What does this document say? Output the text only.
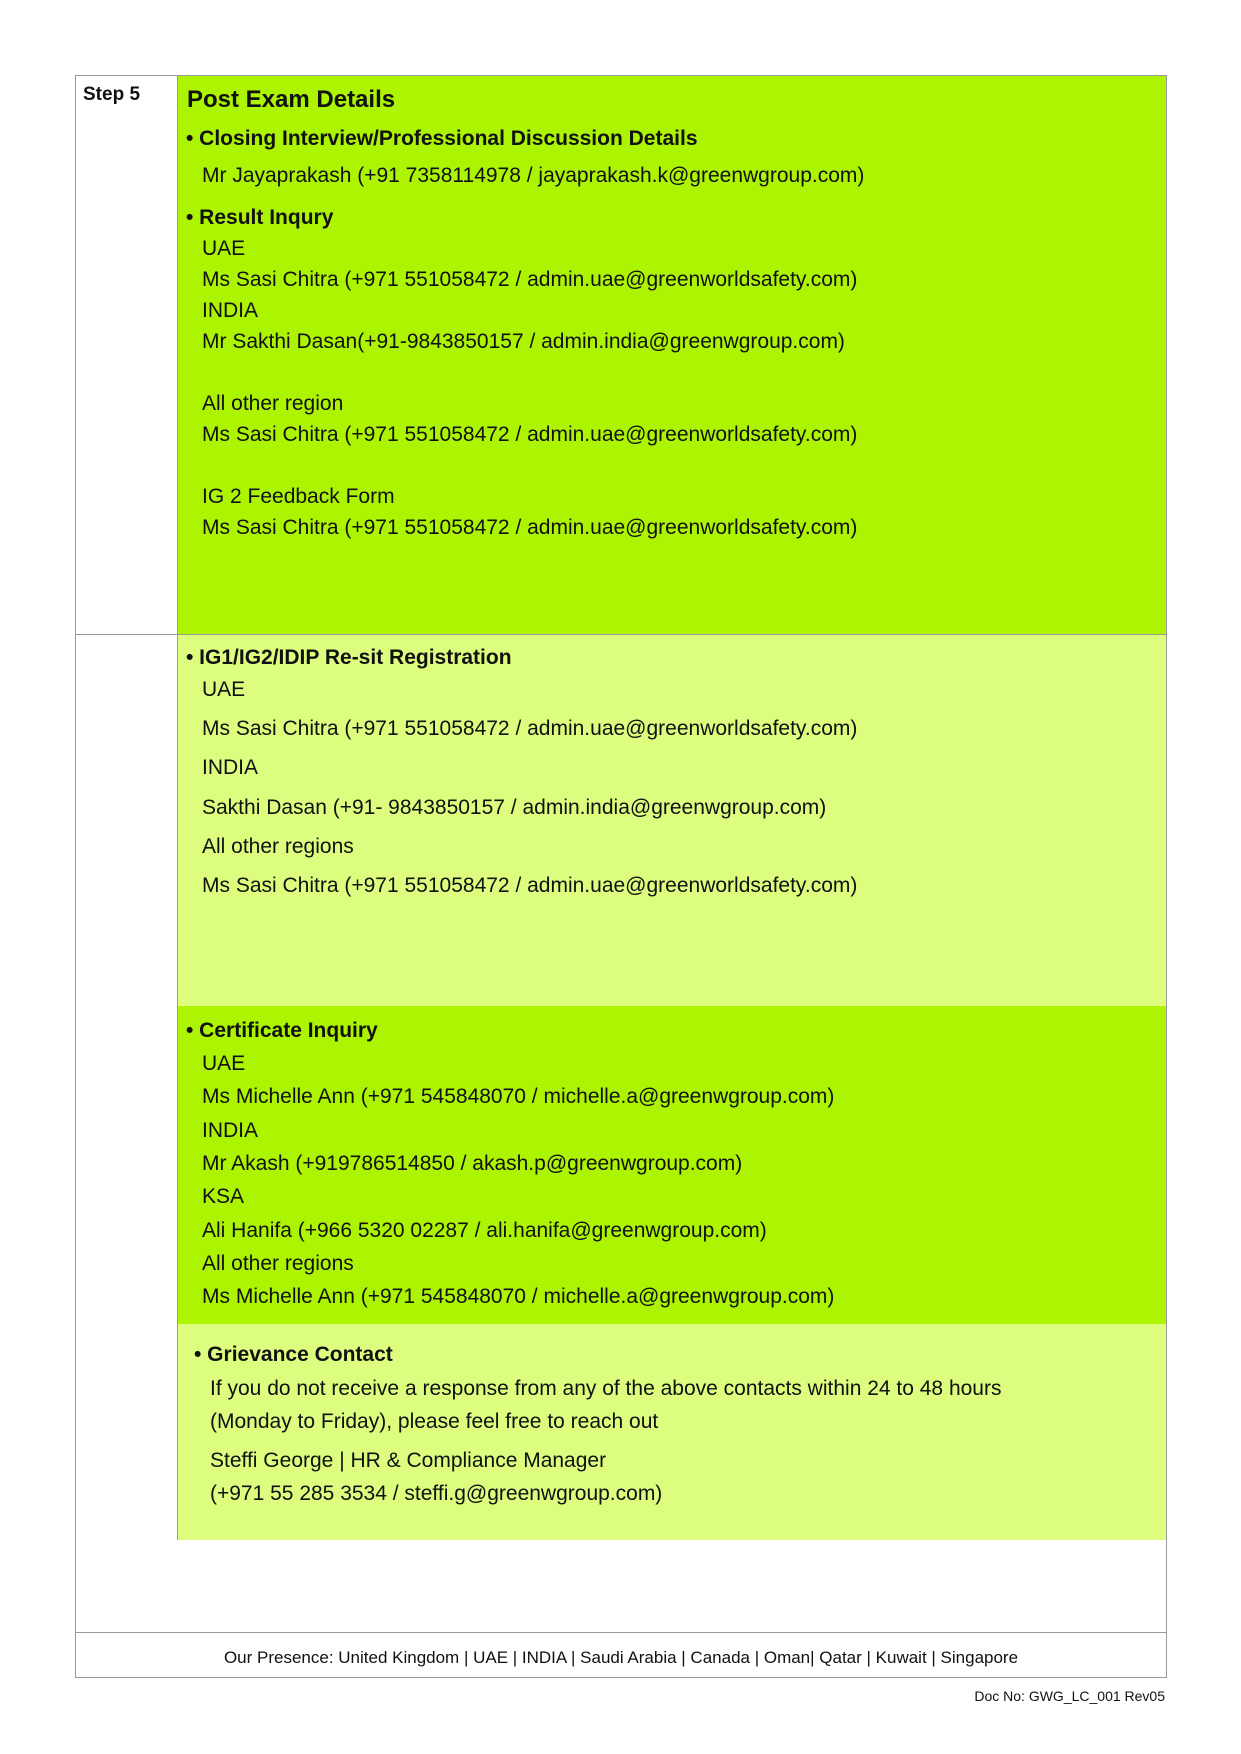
Step 5 Post Exam Details
• Closing Interview/Professional Discussion Details
Mr Jayaprakash (+91 7358114978 / jayaprakash.k@greenwgroup.com)
• Result Inqury
UAE
Ms Sasi Chitra (+971 551058472 / admin.uae@greenworldsafety.com)
INDIA
Mr Sakthi Dasan(+91-9843850157 / admin.india@greenwgroup.com)
All other region
Ms Sasi Chitra (+971 551058472 / admin.uae@greenworldsafety.com)
IG 2 Feedback Form
Ms Sasi Chitra (+971 551058472 / admin.uae@greenworldsafety.com)
• IG1/IG2/IDIP Re-sit Registration
UAE
Ms Sasi Chitra (+971 551058472 / admin.uae@greenworldsafety.com)
INDIA
Sakthi Dasan (+91- 9843850157 / admin.india@greenwgroup.com)
All other regions
Ms Sasi Chitra (+971 551058472 / admin.uae@greenworldsafety.com)
• Certificate Inquiry
UAE
Ms Michelle Ann (+971 545848070 / michelle.a@greenwgroup.com)
INDIA
Mr Akash (+919786514850 / akash.p@greenwgroup.com)
KSA
Ali Hanifa (+966 5320 02287 / ali.hanifa@greenwgroup.com)
All other regions
Ms Michelle Ann (+971 545848070 / michelle.a@greenwgroup.com)
• Grievance Contact
If you do not receive a response from any of the above contacts within 24 to 48 hours
(Monday to Friday), please feel free to reach out
Steffi George | HR & Compliance Manager
(+971 55 285 3534 / steffi.g@greenwgroup.com)
Our Presence: United Kingdom | UAE | INDIA | Saudi Arabia | Canada | Oman| Qatar | Kuwait | Singapore
Doc No: GWG_LC_001 Rev05
